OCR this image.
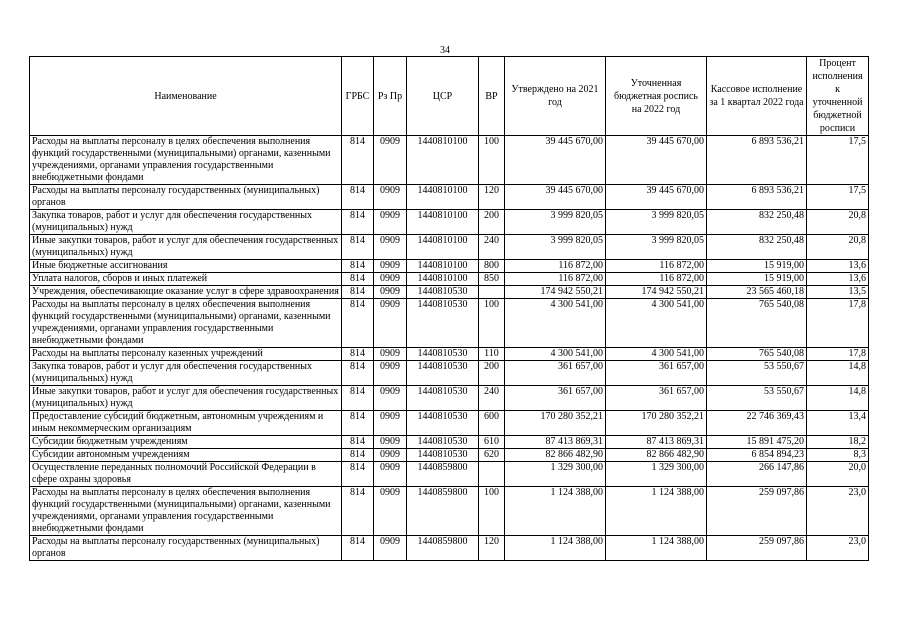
34
Наименование	ГРБС	Рз Пр	ЦСР	ВР	Утверждено на 2021 год	Уточненная бюджетная роспись на 2022 год	Кассовое исполнение за 1 квартал 2022 года	Процент исполнения к уточненной бюджетной росписи
Расходы на выплаты персоналу в целях обеспечения выполнения функций государственными (муниципальными) органами, казенными учреждениями, органами управления государственными внебюджетными фондами	814	0909	1440810100	100	39 445 670,00	39 445 670,00	6 893 536,21	17,5
Расходы на выплаты персоналу государственных (муниципальных) органов	814	0909	1440810100	120	39 445 670,00	39 445 670,00	6 893 536,21	17,5
Закупка товаров, работ и услуг для обеспечения государственных (муниципальных) нужд	814	0909	1440810100	200	3 999 820,05	3 999 820,05	832 250,48	20,8
Иные закупки товаров, работ и услуг для обеспечения государственных (муниципальных) нужд	814	0909	1440810100	240	3 999 820,05	3 999 820,05	832 250,48	20,8
Иные бюджетные ассигнования	814	0909	1440810100	800	116 872,00	116 872,00	15 919,00	13,6
Уплата налогов, сборов и иных платежей	814	0909	1440810100	850	116 872,00	116 872,00	15 919,00	13,6
Учреждения, обеспечивающие оказание услуг в сфере здравоохранения	814	0909	1440810530		174 942 550,21	174 942 550,21	23 565 460,18	13,5
Расходы на выплаты персоналу в целях обеспечения выполнения функций государственными (муниципальными) органами, казенными учреждениями, органами управления государственными внебюджетными фондами	814	0909	1440810530	100	4 300 541,00	4 300 541,00	765 540,08	17,8
Расходы на выплаты персоналу казенных учреждений	814	0909	1440810530	110	4 300 541,00	4 300 541,00	765 540,08	17,8
Закупка товаров, работ и услуг для обеспечения государственных (муниципальных) нужд	814	0909	1440810530	200	361 657,00	361 657,00	53 550,67	14,8
Иные закупки товаров, работ и услуг для обеспечения государственных (муниципальных) нужд	814	0909	1440810530	240	361 657,00	361 657,00	53 550,67	14,8
Предоставление субсидий бюджетным, автономным учреждениям и иным некоммерческим организациям	814	0909	1440810530	600	170 280 352,21	170 280 352,21	22 746 369,43	13,4
Субсидии бюджетным учреждениям	814	0909	1440810530	610	87 413 869,31	87 413 869,31	15 891 475,20	18,2
Субсидии автономным учреждениям	814	0909	1440810530	620	82 866 482,90	82 866 482,90	6 854 894,23	8,3
Осуществление переданных полномочий Российской Федерации в сфере охраны здоровья	814	0909	1440859800		1 329 300,00	1 329 300,00	266 147,86	20,0
Расходы на выплаты персоналу в целях обеспечения выполнения функций государственными (муниципальными) органами, казенными учреждениями, органами управления государственными внебюджетными фондами	814	0909	1440859800	100	1 124 388,00	1 124 388,00	259 097,86	23,0
Расходы на выплаты персоналу государственных (муниципальных) органов	814	0909	1440859800	120	1 124 388,00	1 124 388,00	259 097,86	23,0
